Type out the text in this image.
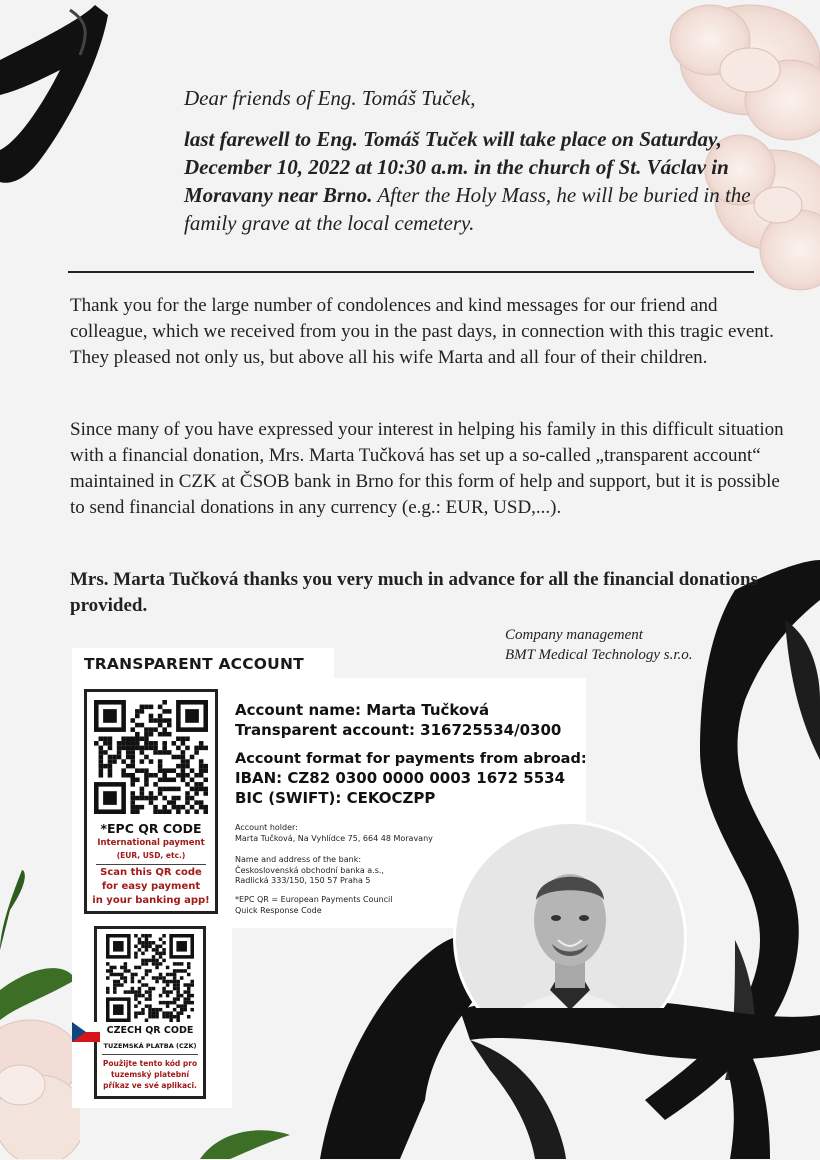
Dear friends of Eng. Tomáš Tuček,

last farewell to Eng. Tomáš Tuček will take place on Saturday, December 10, 2022 at 10:30 a.m. in the church of St. Václav in Moravany near Brno. After the Holy Mass, he will be buried in the family grave at the local cemetery.

Thank you for the large number of condolences and kind messages for our friend and colleague, which we received from you in the past days, in connection with this tragic event. They pleased not only us, but above all his wife Marta and all four of their children.

Since many of you have expressed your interest in helping his family in this difficult situation with a financial donation, Mrs. Marta Tučková has set up a so-called „transparent account“ maintained in CZK at ČSOB bank in Brno for this form of help and support, but it is possible to send financial donations in any currency (e.g.: EUR, USD,...).

Mrs. Marta Tučková thanks you very much in advance for all the financial donations provided.

Company management
BMT Medical Technology s.r.o.

TRANSPARENT ACCOUNT

Account name: Marta Tučková
Transparent account: 316725534/0300

Account format for payments from abroad:
IBAN: CZ82 0300 0000 0003 1672 5534
BIC (SWIFT): CEKOCZPP

Account holder:
Marta Tučková, Na Vyhlídce 75, 664 48 Moravany

Name and address of the bank:
Československá obchodní banka a.s.,
Radlická 333/150, 150 57 Praha 5

*EPC QR = European Payments Council
Quick Response Code

*EPC QR CODE

International payment

(EUR, USD, etc.)

Scan this QR code
for easy payment
in your banking app!

CZECH QR CODE

TUZEMSKÁ PLATBA (CZK)

Použijte tento kód pro
tuzemský platební
příkaz ve své aplikaci.
